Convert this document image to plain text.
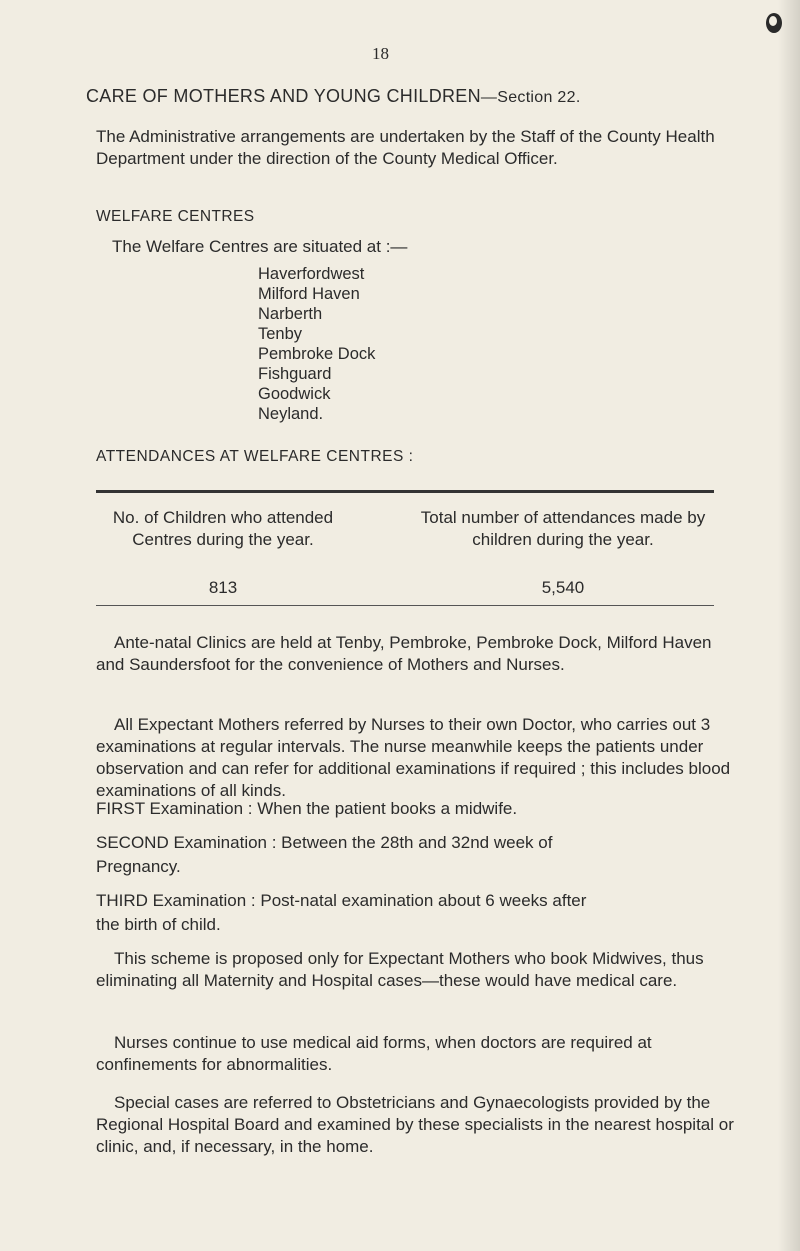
18
CARE OF MOTHERS AND YOUNG CHILDREN—Section 22.

The Administrative arrangements are undertaken by the Staff of the County Health Department under the direction of the County Medical Officer.

WELFARE CENTRES

The Welfare Centres are situated at :—

Haverfordwest
Milford Haven
Narberth
Tenby
Pembroke Dock
Fishguard
Goodwick
Neyland.
ATTENDANCES AT WELFARE CENTRES :
No. of Children who attended Centres during the year.
Total number of attendances made by children during the year.
813	5,540

Ante-natal Clinics are held at Tenby, Pembroke, Pembroke Dock, Milford Haven and Saundersfoot for the convenience of Mothers and Nurses.

All Expectant Mothers referred by Nurses to their own Doctor, who carries out 3 examinations at regular intervals. The nurse meanwhile keeps the patients under observation and can refer for additional examinations if required ; this includes blood examinations of all kinds.

FIRST Examination : When the patient books a midwife.

SECOND Examination : Between the 28th and 32nd week of

Pregnancy.

THIRD Examination : Post-natal examination about 6 weeks after

the birth of child.

This scheme is proposed only for Expectant Mothers who book Midwives, thus eliminating all Maternity and Hospital cases—these would have medical care.

Nurses continue to use medical aid forms, when doctors are required at confinements for abnormalities.

Special cases are referred to Obstetricians and Gynaecologists provided by the Regional Hospital Board and examined by these specialists in the nearest hospital or clinic, and, if necessary, in the home.
